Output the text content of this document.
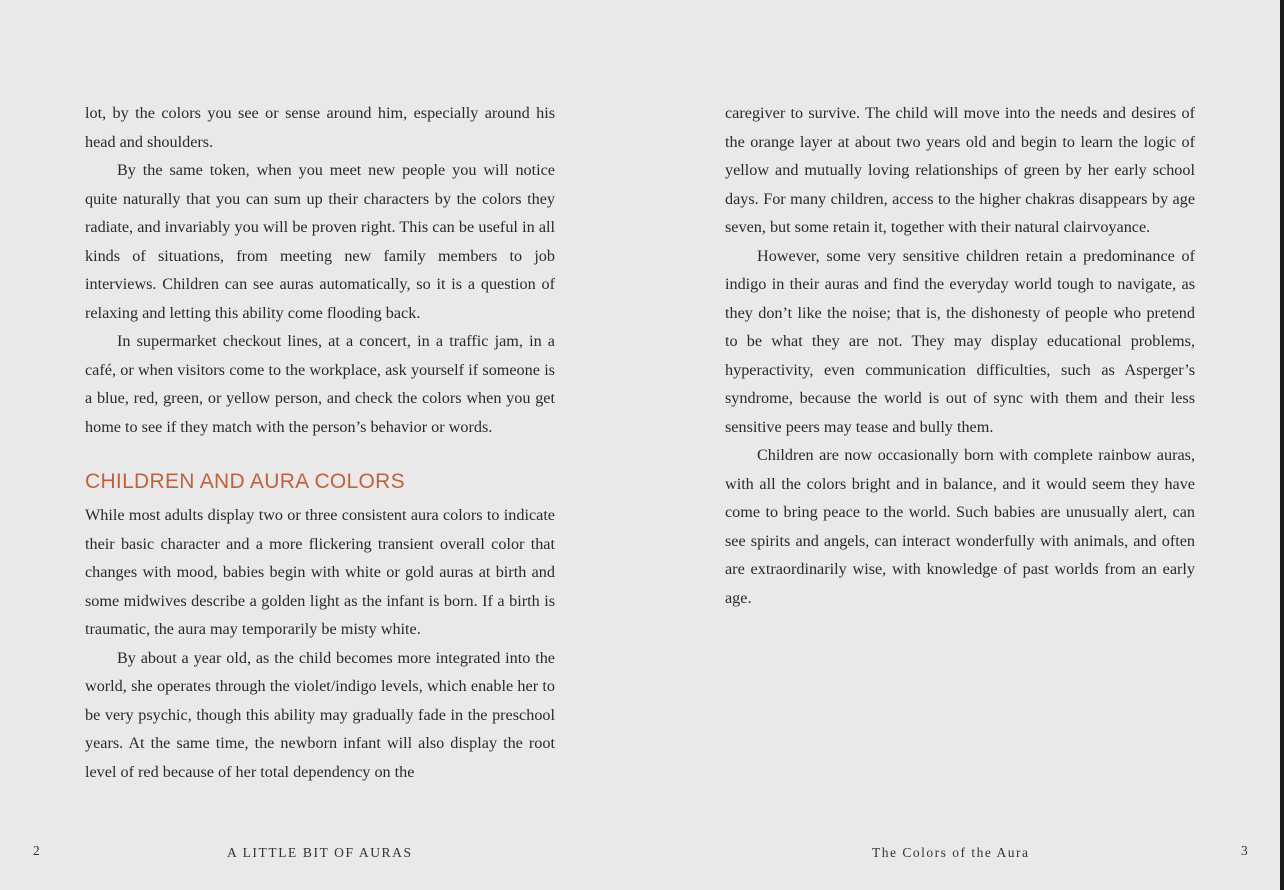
lot, by the colors you see or sense around him, especially around his head and shoulders.

By the same token, when you meet new people you will notice quite naturally that you can sum up their characters by the colors they radiate, and invariably you will be proven right. This can be useful in all kinds of situations, from meeting new family members to job interviews. Children can see auras automatically, so it is a question of relaxing and letting this ability come flooding back.

In supermarket checkout lines, at a concert, in a traffic jam, in a café, or when visitors come to the workplace, ask yourself if someone is a blue, red, green, or yellow person, and check the colors when you get home to see if they match with the person’s behavior or words.

CHILDREN AND AURA COLORS

While most adults display two or three consistent aura colors to indicate their basic character and a more flickering transient overall color that changes with mood, babies begin with white or gold auras at birth and some midwives describe a golden light as the infant is born. If a birth is traumatic, the aura may temporarily be misty white.

By about a year old, as the child becomes more integrated into the world, she operates through the violet/indigo levels, which enable her to be very psychic, though this ability may gradually fade in the preschool years. At the same time, the newborn infant will also display the root level of red because of her total dependency on the

2	A LITTLE BIT OF AURAS

caregiver to survive. The child will move into the needs and desires of the orange layer at about two years old and begin to learn the logic of yellow and mutually loving relationships of green by her early school days. For many children, access to the higher chakras disappears by age seven, but some retain it, together with their natural clairvoyance.

However, some very sensitive children retain a predominance of indigo in their auras and find the everyday world tough to navigate, as they don’t like the noise; that is, the dishonesty of people who pretend to be what they are not. They may display educational problems, hyperactivity, even communication difficulties, such as Asperger’s syndrome, because the world is out of sync with them and their less sensitive peers may tease and bully them.

Children are now occasionally born with complete rainbow auras, with all the colors bright and in balance, and it would seem they have come to bring peace to the world. Such babies are unusually alert, can see spirits and angels, can interact wonderfully with animals, and often are extraordinarily wise, with knowledge of past worlds from an early age.

The Colors of the Aura	3
